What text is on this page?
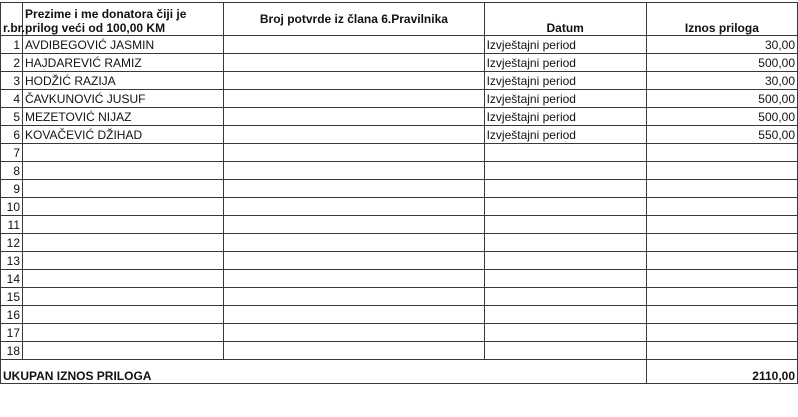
r.br.	Prezime i me donatora čiji je prilog veći od 100,00 KM	Broj potvrde iz člana 6.Pravilnika	Datum	Iznos priloga
1	AVDIBEGOVIĆ JASMIN		Izvještajni period	30,00
2	HAJDAREVIĆ RAMIZ		Izvještajni period	500,00
3	HODŽIĆ RAZIJA		Izvještajni period	30,00
4	ČAVKUNOVIĆ JUSUF		Izvještajni period	500,00
5	MEZETOVIĆ NIJAZ		Izvještajni period	500,00
6	KOVAČEVIĆ DŽIHAD		Izvještajni period	550,00
7				
8				
9				
10				
11				
12				
13				
14				
15				
16				
17				
18				
UKUPAN IZNOS PRILOGA				2110,00
